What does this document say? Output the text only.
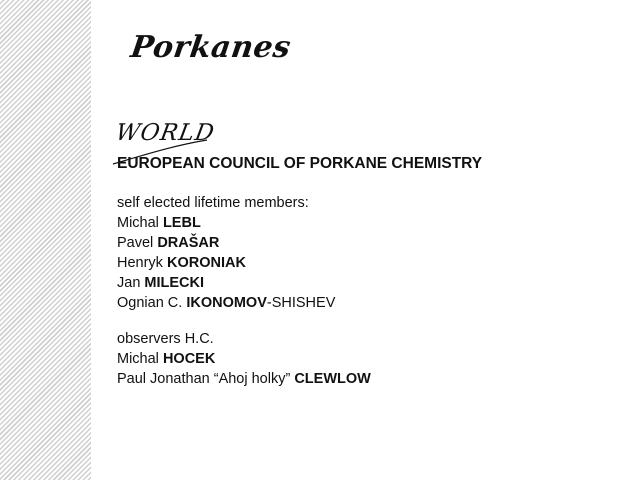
Porkanes
WORLD
EUROPEAN COUNCIL OF PORKANE CHEMISTRY
self elected lifetime members:
Michal LEBL
Pavel DRAŠAR
Henryk KORONIAK
Jan MILECKI
Ognian C. IKONOMOV-SHISHEV
observers H.C.
Michal HOCEK
Paul Jonathan “Ahoj holky” CLEWLOW
